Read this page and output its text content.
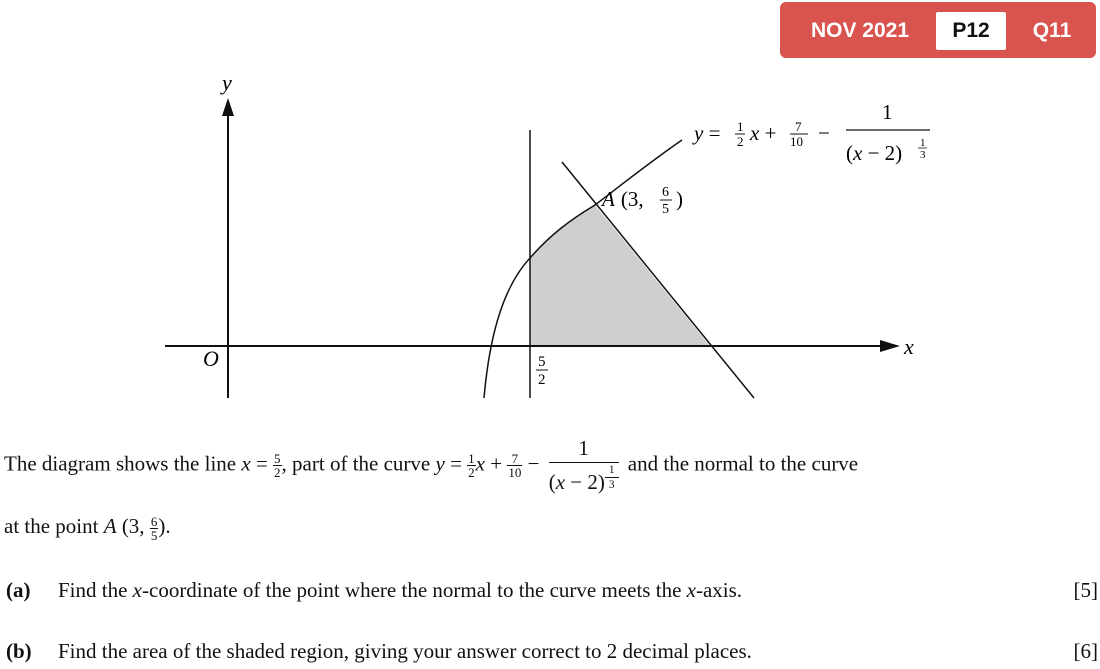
NOV 2021	P12	Q11
y
x
O	5
2
A (3, 6
5 )
y = 1
2 x + 7
10 −
1
(x − 2) 1
3
The diagram shows the line $x = \frac{5}{2}$ , part of the curve $y = \frac{1}{2}$ $x + \frac{7}{10} - 1$
(x − 2) $^{\frac{1}{3}}$ and the normal to the curve
at the point A (3, $\frac{6}{5}$ ).
(a) Find the x-coordinate of the point where the normal to the curve meets the x-axis.	[5]
(b) Find the area of the shaded region, giving your answer correct to 2 decimal places.	[6]
